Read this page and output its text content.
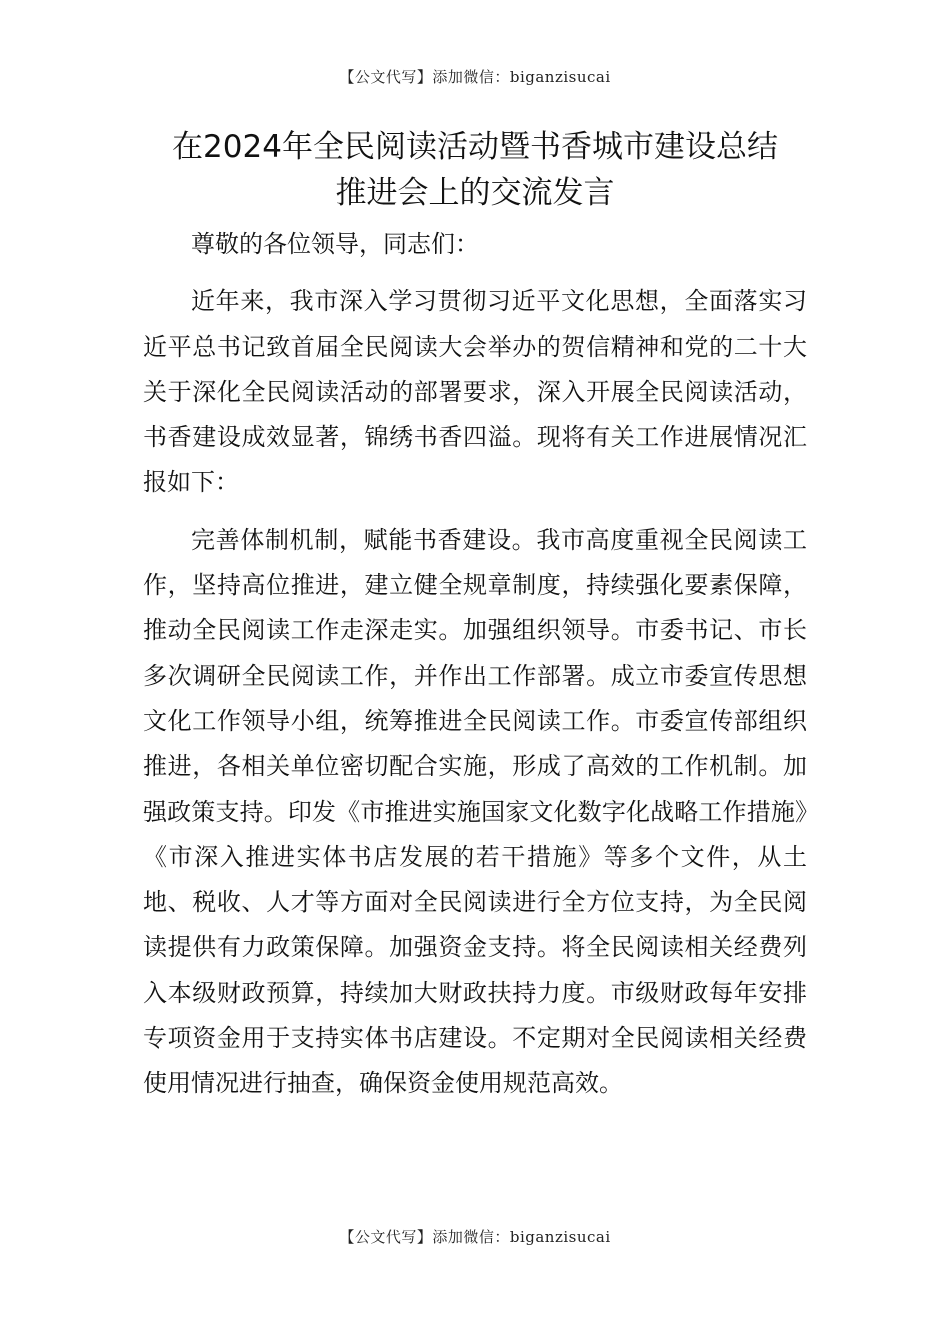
【公文代写】添加微信：biganzisucai
在2024年全民阅读活动暨书香城市建设总结
推进会上的交流发言

尊敬的各位领导，同志们：

近年来，我市深入学习贯彻习近平文化思想，全面落实习近平总书记致首届全民阅读大会举办的贺信精神和党的二十大关于深化全民阅读活动的部署要求，深入开展全民阅读活动，书香建设成效显著，锦绣书香四溢。现将有关工作进展情况汇报如下：

完善体制机制，赋能书香建设。我市高度重视全民阅读工作，坚持高位推进，建立健全规章制度，持续强化要素保障，推动全民阅读工作走深走实。加强组织领导。市委书记、市长多次调研全民阅读工作，并作出工作部署。成立市委宣传思想文化工作领导小组，统筹推进全民阅读工作。市委宣传部组织推进，各相关单位密切配合实施，形成了高效的工作机制。加强政策支持。印发《市推进实施国家文化数字化战略工作措施》《市深入推进实体书店发展的若干措施》等多个文件，从土地、税收、人才等方面对全民阅读进行全方位支持，为全民阅读提供有力政策保障。加强资金支持。将全民阅读相关经费列入本级财政预算，持续加大财政扶持力度。市级财政每年安排专项资金用于支持实体书店建设。不定期对全民阅读相关经费使用情况进行抽查，确保资金使用规范高效。

【公文代写】添加微信：biganzisucai
